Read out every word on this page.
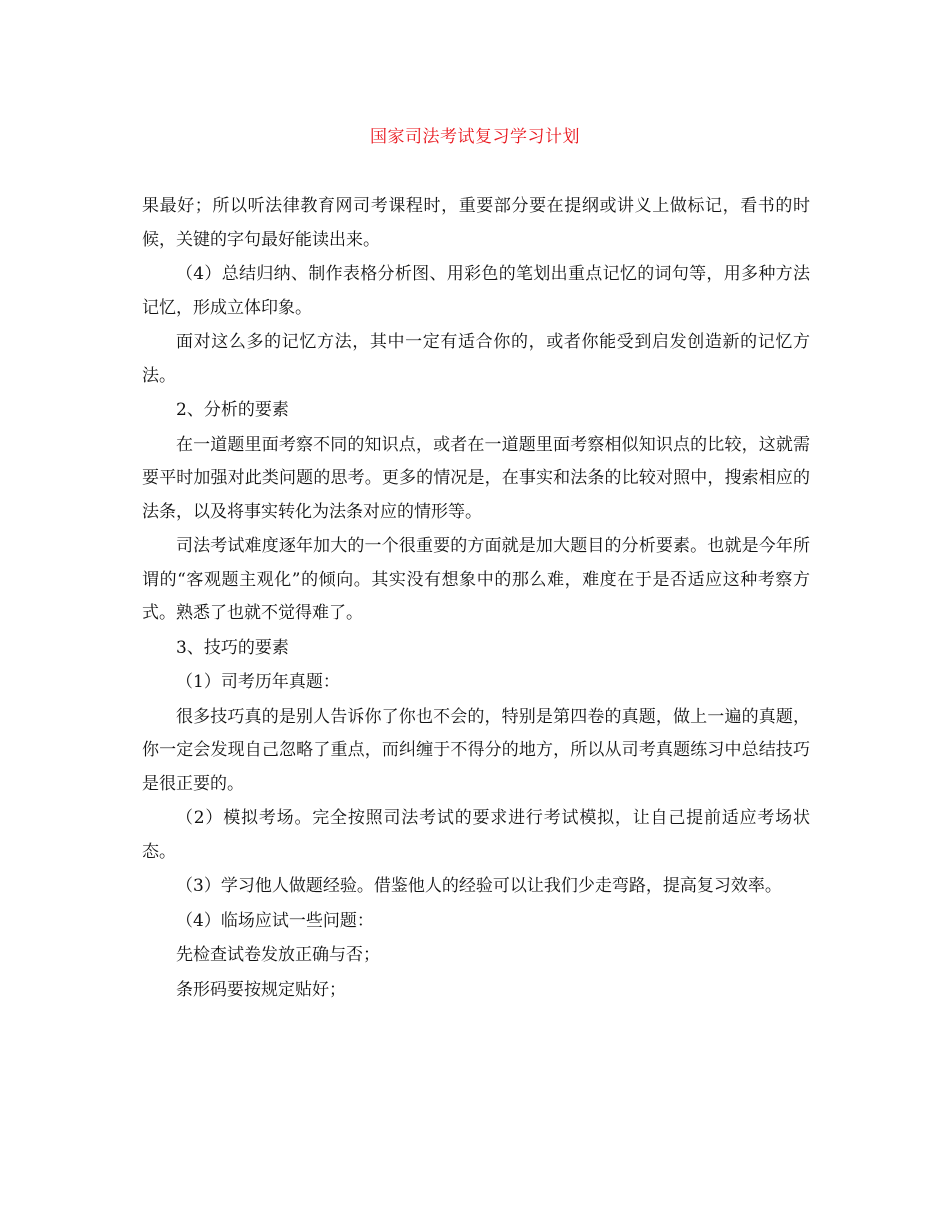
国家司法考试复习学习计划

果最好；所以听法律教育网司考课程时，重要部分要在提纲或讲义上做标记，看书的时候，关键的字句最好能读出来。

（4）总结归纳、制作表格分析图、用彩色的笔划出重点记忆的词句等，用多种方法记忆，形成立体印象。

面对这么多的记忆方法，其中一定有适合你的，或者你能受到启发创造新的记忆方法。

2、分析的要素

在一道题里面考察不同的知识点，或者在一道题里面考察相似知识点的比较，这就需要平时加强对此类问题的思考。更多的情况是，在事实和法条的比较对照中，搜索相应的法条，以及将事实转化为法条对应的情形等。

司法考试难度逐年加大的一个很重要的方面就是加大题目的分析要素。也就是今年所谓的“客观题主观化”的倾向。其实没有想象中的那么难，难度在于是否适应这种考察方式。熟悉了也就不觉得难了。

3、技巧的要素

（1）司考历年真题：

很多技巧真的是别人告诉你了你也不会的，特别是第四卷的真题，做上一遍的真题，你一定会发现自己忽略了重点，而纠缠于不得分的地方，所以从司考真题练习中总结技巧是很正要的。

（2）模拟考场。完全按照司法考试的要求进行考试模拟，让自己提前适应考场状态。

（3）学习他人做题经验。借鉴他人的经验可以让我们少走弯路，提高复习效率。

（4）临场应试一些问题：

先检查试卷发放正确与否；

条形码要按规定贴好；
